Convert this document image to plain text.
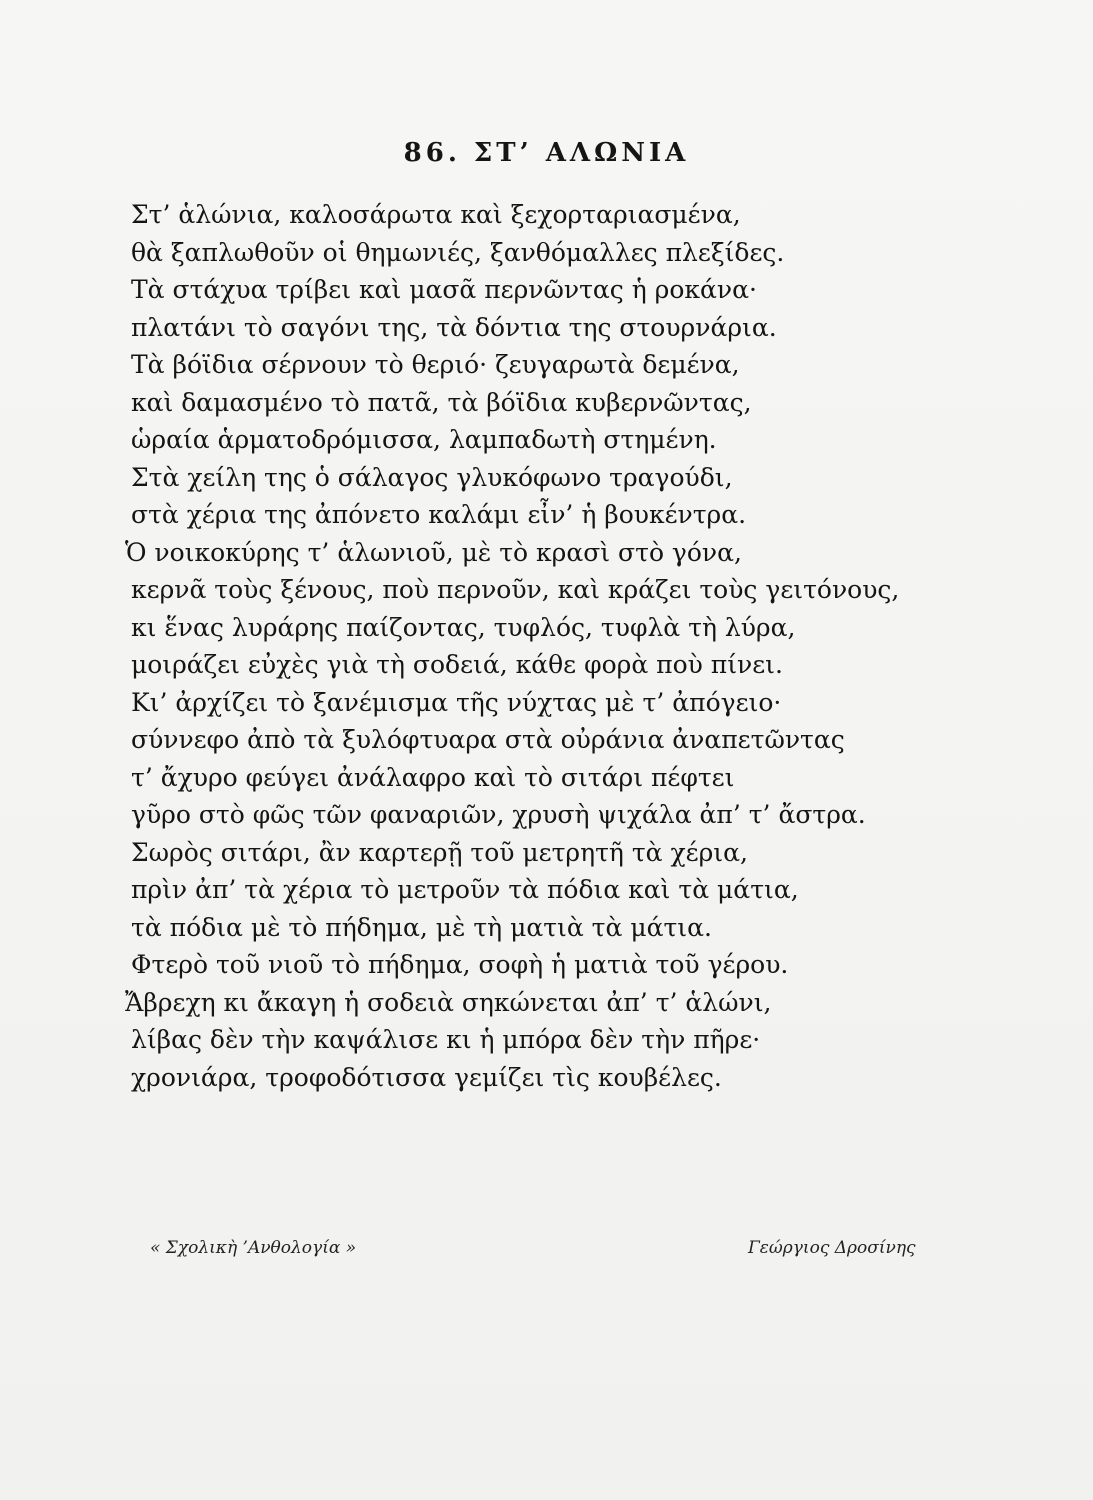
86. ΣΤ’ ΑΛΩΝΙΑ
Στ’ ἁλώνια, καλοσάρωτα καὶ ξεχορταριασμένα,
θὰ ξαπλωθοῦν οἱ θημωνιές, ξανθόμαλλες πλεξίδες.
Τὰ στάχυα τρίβει καὶ μασᾶ περνῶντας ἡ ροκάνα·
πλατάνι τὸ σαγόνι της, τὰ δόντια της στουρνάρια.
Τὰ βόϊδια σέρνουν τὸ θεριό· ζευγαρωτὰ δεμένα,
καὶ δαμασμένο τὸ πατᾶ, τὰ βόϊδια κυβερνῶντας,
ὡραία ἁρματοδρόμισσα, λαμπαδωτὴ στημένη.
Στὰ χείλη της ὁ σάλαγος γλυκόφωνο τραγούδι,
στὰ χέρια της ἀπόνετο καλάμι εἶν’ ἡ βουκέντρα.
Ὁ νοικοκύρης τ’ ἁλωνιοῦ, μὲ τὸ κρασὶ στὸ γόνα,
κερνᾶ τοὺς ξένους, ποὺ περνοῦν, καὶ κράζει τοὺς γειτόνους,
κι ἕνας λυράρης παίζοντας, τυφλός, τυφλὰ τὴ λύρα,
μοιράζει εὐχὲς γιὰ τὴ σοδειά, κάθε φορὰ ποὺ πίνει.
Κι’ ἀρχίζει τὸ ξανέμισμα τῆς νύχτας μὲ τ’ ἀπόγειο·
σύννεφο ἀπὸ τὰ ξυλόφτυαρα στὰ οὐράνια ἀναπετῶντας
τ’ ἄχυρο φεύγει ἀνάλαφρο καὶ τὸ σιτάρι πέφτει
γῦρο στὸ φῶς τῶν φαναριῶν, χρυσὴ ψιχάλα ἀπ’ τ’ ἄστρα.
Σωρὸς σιτάρι, ἂν καρτερῇ τοῦ μετρητῆ τὰ χέρια,
πρὶν ἀπ’ τὰ χέρια τὸ μετροῦν τὰ πόδια καὶ τὰ μάτια,
τὰ πόδια μὲ τὸ πήδημα, μὲ τὴ ματιὰ τὰ μάτια.
Φτερὸ τοῦ νιοῦ τὸ πήδημα, σοφὴ ἡ ματιὰ τοῦ γέρου.
Ἄβρεχη κι ἄκαγη ἡ σοδειὰ σηκώνεται ἀπ’ τ’ ἁλώνι,
λίβας δὲν τὴν καψάλισε κι ἡ μπόρα δὲν τὴν πῆρε·
χρονιάρα, τροφοδότισσα γεμίζει τὶς κουβέλες.
« Σχολικὴ ’Ανθολογία »	Γεώργιος Δροσίνης
